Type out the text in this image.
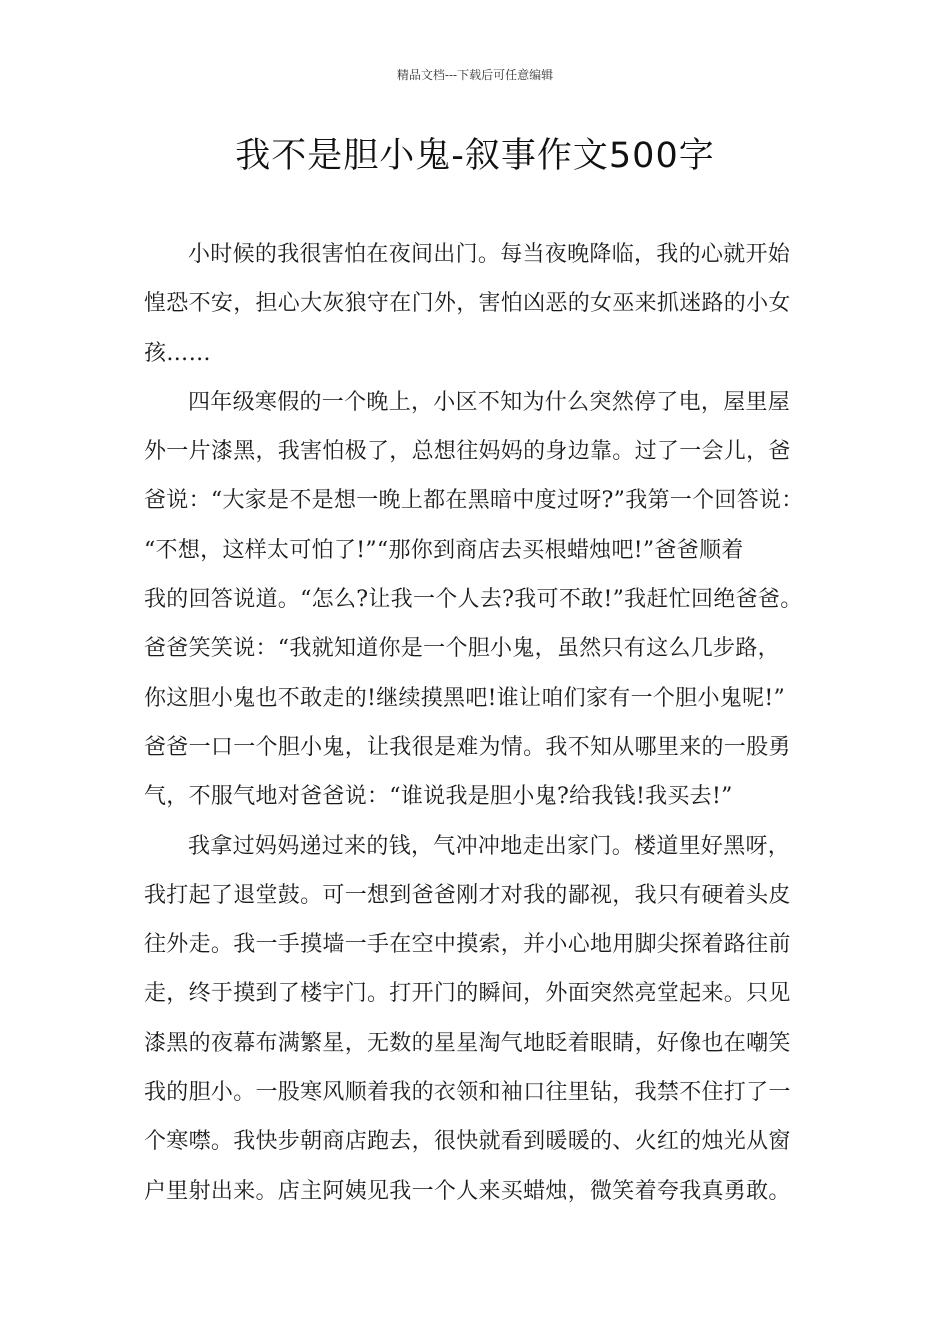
精品文档---下载后可任意编辑
我不是胆小鬼-叙事作文500字

小时候的我很害怕在夜间出门。每当夜晚降临，我的心就开始
惶恐不安，担心大灰狼守在门外，害怕凶恶的女巫来抓迷路的小女
孩……

四年级寒假的一个晚上，小区不知为什么突然停了电，屋里屋
外一片漆黑，我害怕极了，总想往妈妈的身边靠。过了一会儿，爸
爸说：“大家是不是想一晚上都在黑暗中度过呀?”我第一个回答说：
“不想，这样太可怕了!”“那你到商店去买根蜡烛吧!”爸爸顺着
我的回答说道。“怎么?让我一个人去?我可不敢!”我赶忙回绝爸爸。
爸爸笑笑说：“我就知道你是一个胆小鬼，虽然只有这么几步路，
你这胆小鬼也不敢走的!继续摸黑吧!谁让咱们家有一个胆小鬼呢!”
爸爸一口一个胆小鬼，让我很是难为情。我不知从哪里来的一股勇
气，不服气地对爸爸说：“谁说我是胆小鬼?给我钱!我买去!”

我拿过妈妈递过来的钱，气冲冲地走出家门。楼道里好黑呀，
我打起了退堂鼓。可一想到爸爸刚才对我的鄙视，我只有硬着头皮
往外走。我一手摸墙一手在空中摸索，并小心地用脚尖探着路往前
走，终于摸到了楼宇门。打开门的瞬间，外面突然亮堂起来。只见
漆黑的夜幕布满繁星，无数的星星淘气地眨着眼睛，好像也在嘲笑
我的胆小。一股寒风顺着我的衣领和袖口往里钻，我禁不住打了一
个寒噤。我快步朝商店跑去，很快就看到暖暖的、火红的烛光从窗
户里射出来。店主阿姨见我一个人来买蜡烛，微笑着夸我真勇敢。
